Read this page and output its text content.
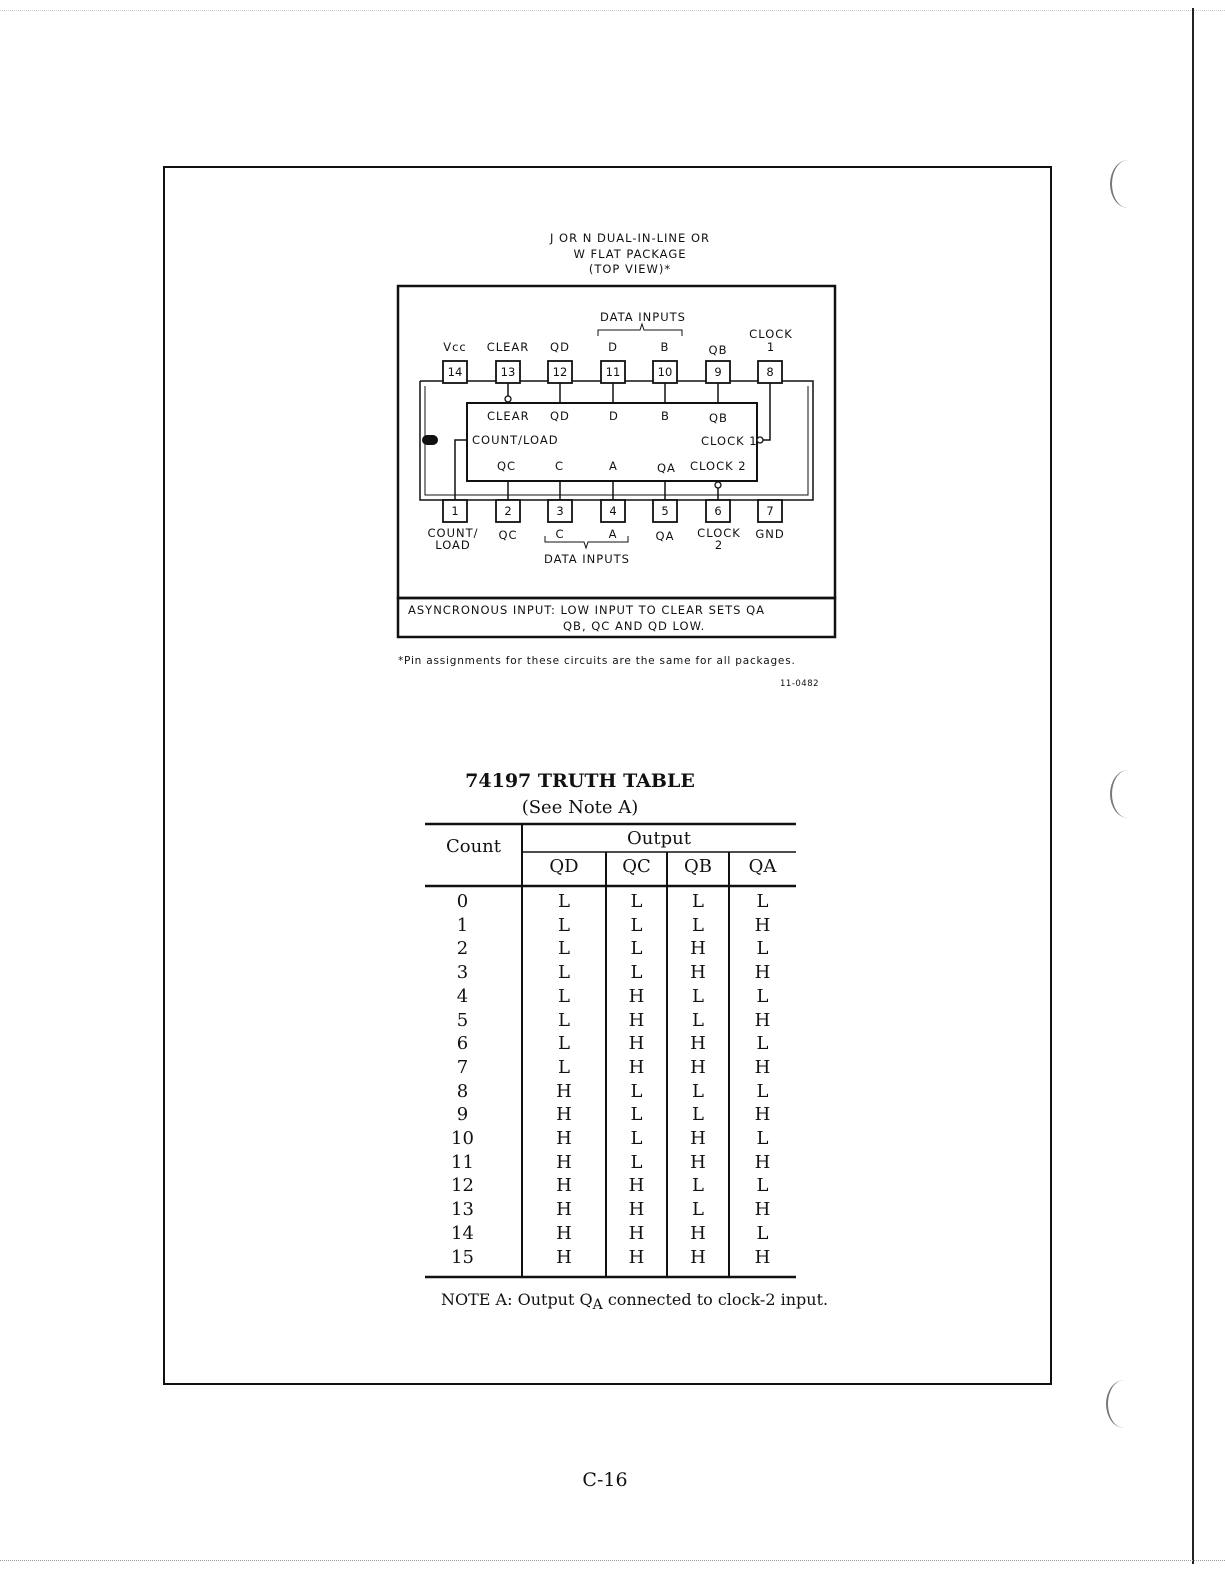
J OR N DUAL-IN-LINE OR
W FLAT PACKAGE
(TOP VIEW)*
14	13	12	11	10	9	8
1	2	3	4	5	6	7
DATA INPUTS
Vcc	CLEAR	QD	D	B	QB
CLOCK 1
CLEAR QD	D	B	QB
COUNT/LOAD	CLOCK 1
QC	C	A	QA CLOCK 2
COUNT/ LOAD
QC	C	A	QA	CLOCK 2
GND
DATA INPUTS
ASYNCRONOUS INPUT: LOW INPUT TO CLEAR SETS QA
QB, QC AND QD LOW.
*Pin assignments for these circuits are the same for all packages.
11-0482
74197 TRUTH TABLE
(See Note A)
Count	Output
QD	QC	QB	QA
0	L	L	L	L
1	L	L	L	H
2	L	L	H	L
3	L	L	H	H
4	L	H	L	L
5	L	H	L	H
6	L	H	H	L
7	L	H	H	H
8	H	L	L	L
9	H	L	L	H
10	H	L	H	L
11	H	L	H	H
12	H	H	L	L
13	H	H	L	H
14	H	H	H	L
15	H	H	H	H
NOTE A: Output $Q_A$ connected to clock-2 input.
C-16
